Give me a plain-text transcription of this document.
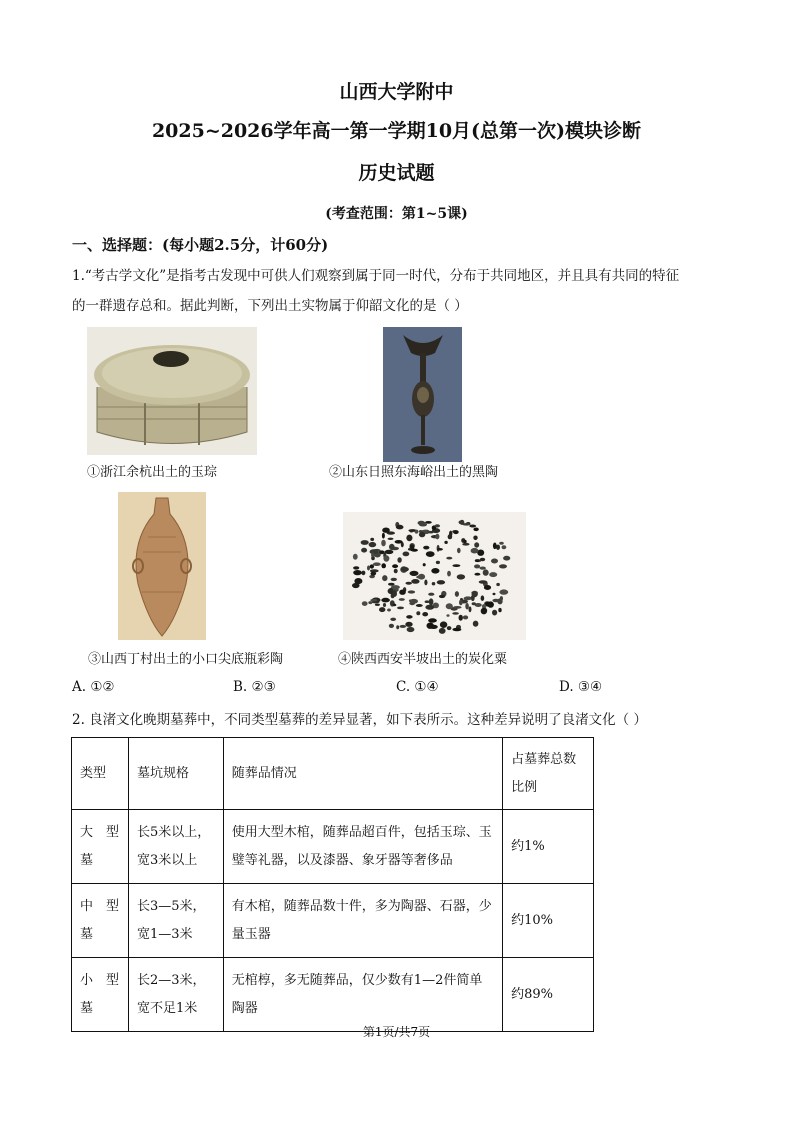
山西大学附中
2025~2026学年高一第一学期10月(总第一次)模块诊断
历史试题
(考查范围：第1~5课)
一、选择题：(每小题2.5分，计60分)
1.“考古学文化”是指考古发现中可供人们观察到属于同一时代，分布于共同地区，并且具有共同的特征
的一群遗存总和。据此判断，下列出土实物属于仰韶文化的是（ ）
①浙江余杭出土的玉琮	②山东日照东海峪出土的黑陶
③山西丁村出土的小口尖底瓶彩陶	④陕西西安半坡出土的炭化粟
A. ①②	B. ②③	C. ①④	D. ③④
2. 良渚文化晚期墓葬中，不同类型墓葬的差异显著，如下表所示。这种差异说明了良渚文化（ ）
类型	墓坑规格	随葬品情况	占墓葬总数比例
大　型墓	长5米以上，宽3米以上	使用大型木棺，随葬品超百件，包括玉琮、玉璧等礼器，以及漆器、象牙器等奢侈品	约1%
中　型墓	长3—5米，宽1—3米	有木棺，随葬品数十件，多为陶器、石器，少量玉器	约10%
小　型墓	长2—3米，宽不足1米	无棺椁，多无随葬品，仅少数有1—2件简单陶器	约89%
第1页/共7页
